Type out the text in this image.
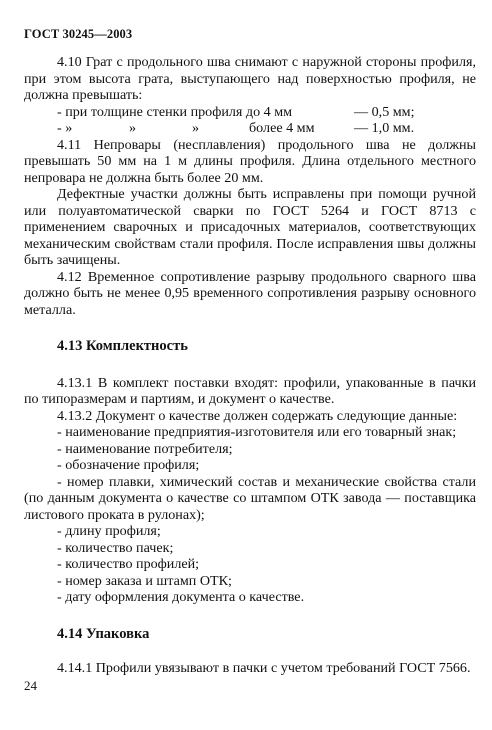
ГОСТ 30245—2003

4.10 Грат с продольного шва снимают с наружной стороны профиля, при этом высота грата, выступающего над поверхностью профиля, не должна превышать:

- при толщине стенки профиля до 4 мм	— 0,5 мм;
- »	»	»	более 4 мм	— 1,0 мм.

4.11 Непровары (несплавления) продольного шва не должны превышать 50 мм на 1 м длины профиля. Длина отдельного местного непровара не должна быть более 20 мм.

Дефектные участки должны быть исправлены при помощи ручной или полуавтоматической сварки по ГОСТ 5264 и ГОСТ 8713 с применением сварочных и присадочных материалов, соответствующих механическим свойствам стали профиля. После исправления швы должны быть зачищены.

4.12 Временное сопротивление разрыву продольного сварного шва должно быть не менее 0,95 временного сопротивления разрыву основного металла.

4.13 Комплектность

4.13.1 В комплект поставки входят: профили, упакованные в пачки по типоразмерам и партиям, и документ о качестве.

4.13.2 Документ о качестве должен содержать следующие данные:

- наименование предприятия-изготовителя или его товарный знак;

- наименование потребителя;

- обозначение профиля;

- номер плавки, химический состав и механические свойства стали (по данным документа о качестве со штампом ОТК завода — поставщика листового проката в рулонах);

- длину профиля;

- количество пачек;

- количество профилей;

- номер заказа и штамп ОТК;

- дату оформления документа о качестве.

4.14 Упаковка

4.14.1 Профили увязывают в пачки с учетом требований ГОСТ 7566.

24
